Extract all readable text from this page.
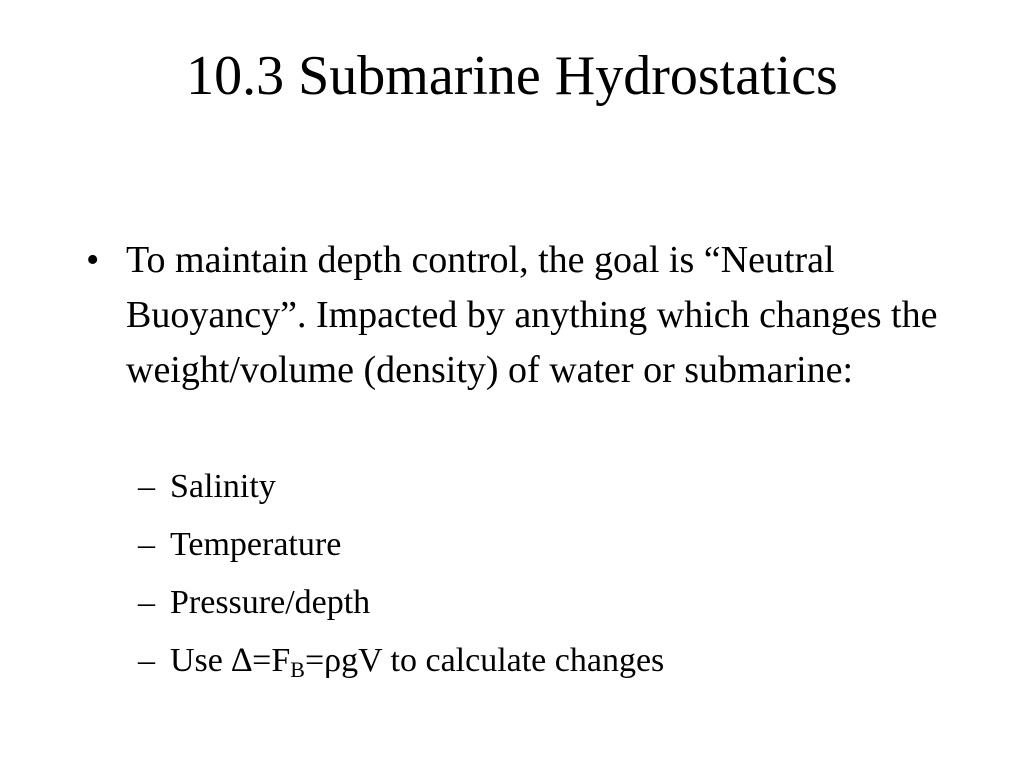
10.3 Submarine Hydrostatics
• To maintain depth control, the goal is “Neutral Buoyancy”. Impacted by anything which changes the weight/volume (density) of water or submarine:
– Salinity
– Temperature
– Pressure/depth
– Use $\Delta=F_B=\rho gV$ to calculate changes
